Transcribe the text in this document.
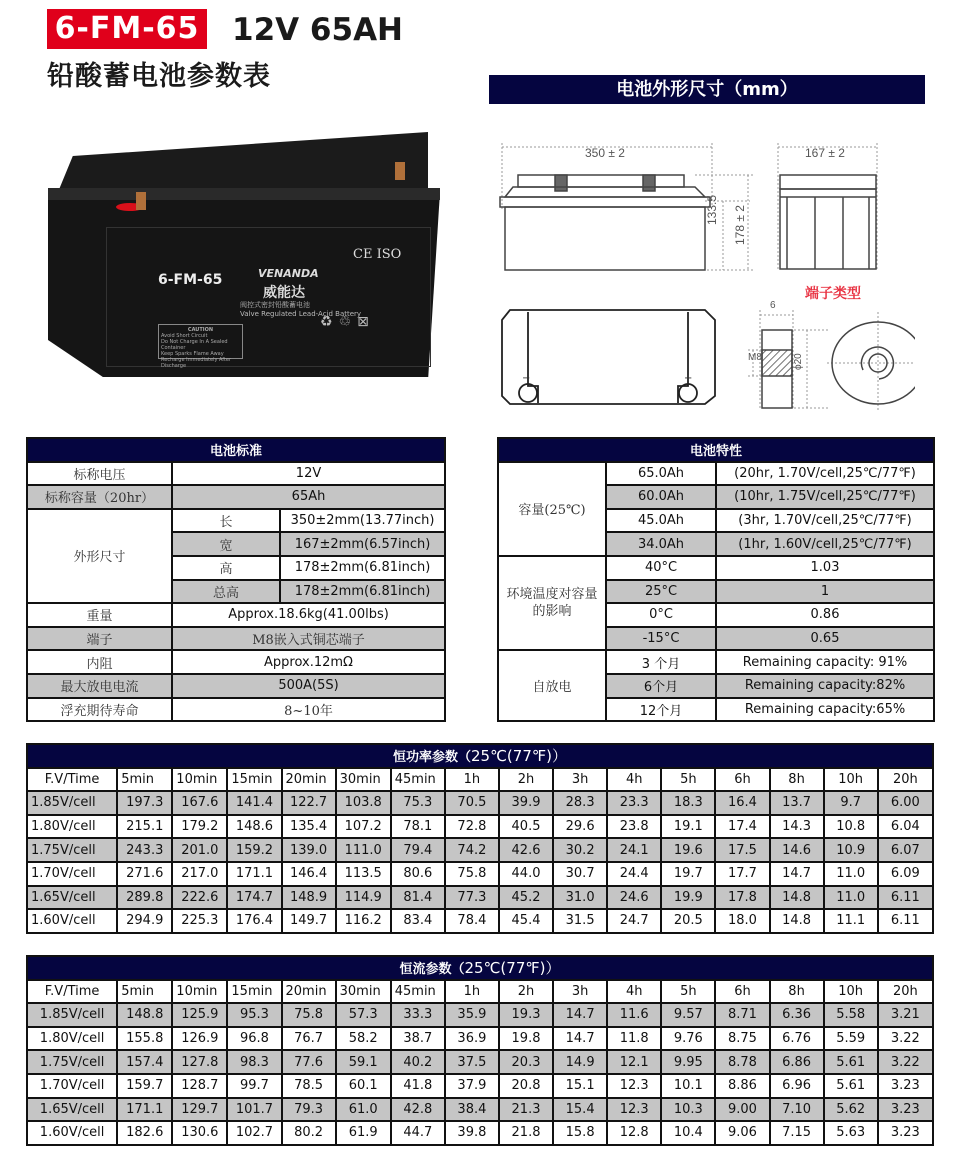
6-FM-65 12V 65AH
铅酸蓄电池参数表
6-FM-65	VENANDA
威能达
阀控式密封铅酸蓄电池
Valve Regulated Lead-Acid Battery
CE ISO
CAUTION
Avoid Short Circuit
Do Not Charge In A Sealed Container
Keep Sparks Flame Away
Recharge Immediately After Discharge
♻♲⊠
电池外形尺寸（mm）
350 ± 2
133.5 178 ± 2
167 ± 2
−	+
端子类型
6
M8	ϕ20
电池标准		
标称电压	12V	
标称容量（20hr）	65Ah	
外形尺寸	长	350±2mm(13.77inch)
	宽	167±2mm(6.57inch)
	高	178±2mm(6.81inch)
	总高	178±2mm(6.81inch)
重量	Approx.18.6kg(41.00lbs)	
端子	M8嵌入式铜芯端子	
内阻	Approx.12mΩ	
最大放电电流	500A(5S)	
浮充期待寿命	8~10年	
电池特性		
容量(25℃)	65.0Ah	(20hr, 1.70V/cell,25℃/77℉)
	60.0Ah	(10hr, 1.75V/cell,25℃/77℉)
	45.0Ah	(3hr, 1.70V/cell,25℃/77℉)
	34.0Ah	(1hr, 1.60V/cell,25℃/77℉)
环境温度对容量的影响	40°C	1.03
	25°C	1
	0°C	0.86
	-15°C	0.65
自放电	3 个月	Remaining capacity: 91%
	6个月	Remaining capacity:82%
	12个月	Remaining capacity:65%
恒功率参数（25℃(77℉)）															
F.V/Time	5min	10min	15min	20min	30min	45min	1h	2h	3h	4h	5h	6h	8h	10h	20h
1.85V/cell	197.3	167.6	141.4	122.7	103.8	75.3	70.5	39.9	28.3	23.3	18.3	16.4	13.7	9.7	6.00
1.80V/cell	215.1	179.2	148.6	135.4	107.2	78.1	72.8	40.5	29.6	23.8	19.1	17.4	14.3	10.8	6.04
1.75V/cell	243.3	201.0	159.2	139.0	111.0	79.4	74.2	42.6	30.2	24.1	19.6	17.5	14.6	10.9	6.07
1.70V/cell	271.6	217.0	171.1	146.4	113.5	80.6	75.8	44.0	30.7	24.4	19.7	17.7	14.7	11.0	6.09
1.65V/cell	289.8	222.6	174.7	148.9	114.9	81.4	77.3	45.2	31.0	24.6	19.9	17.8	14.8	11.0	6.11
1.60V/cell	294.9	225.3	176.4	149.7	116.2	83.4	78.4	45.4	31.5	24.7	20.5	18.0	14.8	11.1	6.11
恒流参数（25℃(77℉)）															
F.V/Time	5min	10min	15min	20min	30min	45min	1h	2h	3h	4h	5h	6h	8h	10h	20h
1.85V/cell	148.8	125.9	95.3	75.8	57.3	33.3	35.9	19.3	14.7	11.6	9.57	8.71	6.36	5.58	3.21
1.80V/cell	155.8	126.9	96.8	76.7	58.2	38.7	36.9	19.8	14.7	11.8	9.76	8.75	6.76	5.59	3.22
1.75V/cell	157.4	127.8	98.3	77.6	59.1	40.2	37.5	20.3	14.9	12.1	9.95	8.78	6.86	5.61	3.22
1.70V/cell	159.7	128.7	99.7	78.5	60.1	41.8	37.9	20.8	15.1	12.3	10.1	8.86	6.96	5.61	3.23
1.65V/cell	171.1	129.7	101.7	79.3	61.0	42.8	38.4	21.3	15.4	12.3	10.3	9.00	7.10	5.62	3.23
1.60V/cell	182.6	130.6	102.7	80.2	61.9	44.7	39.8	21.8	15.8	12.8	10.4	9.06	7.15	5.63	3.23
